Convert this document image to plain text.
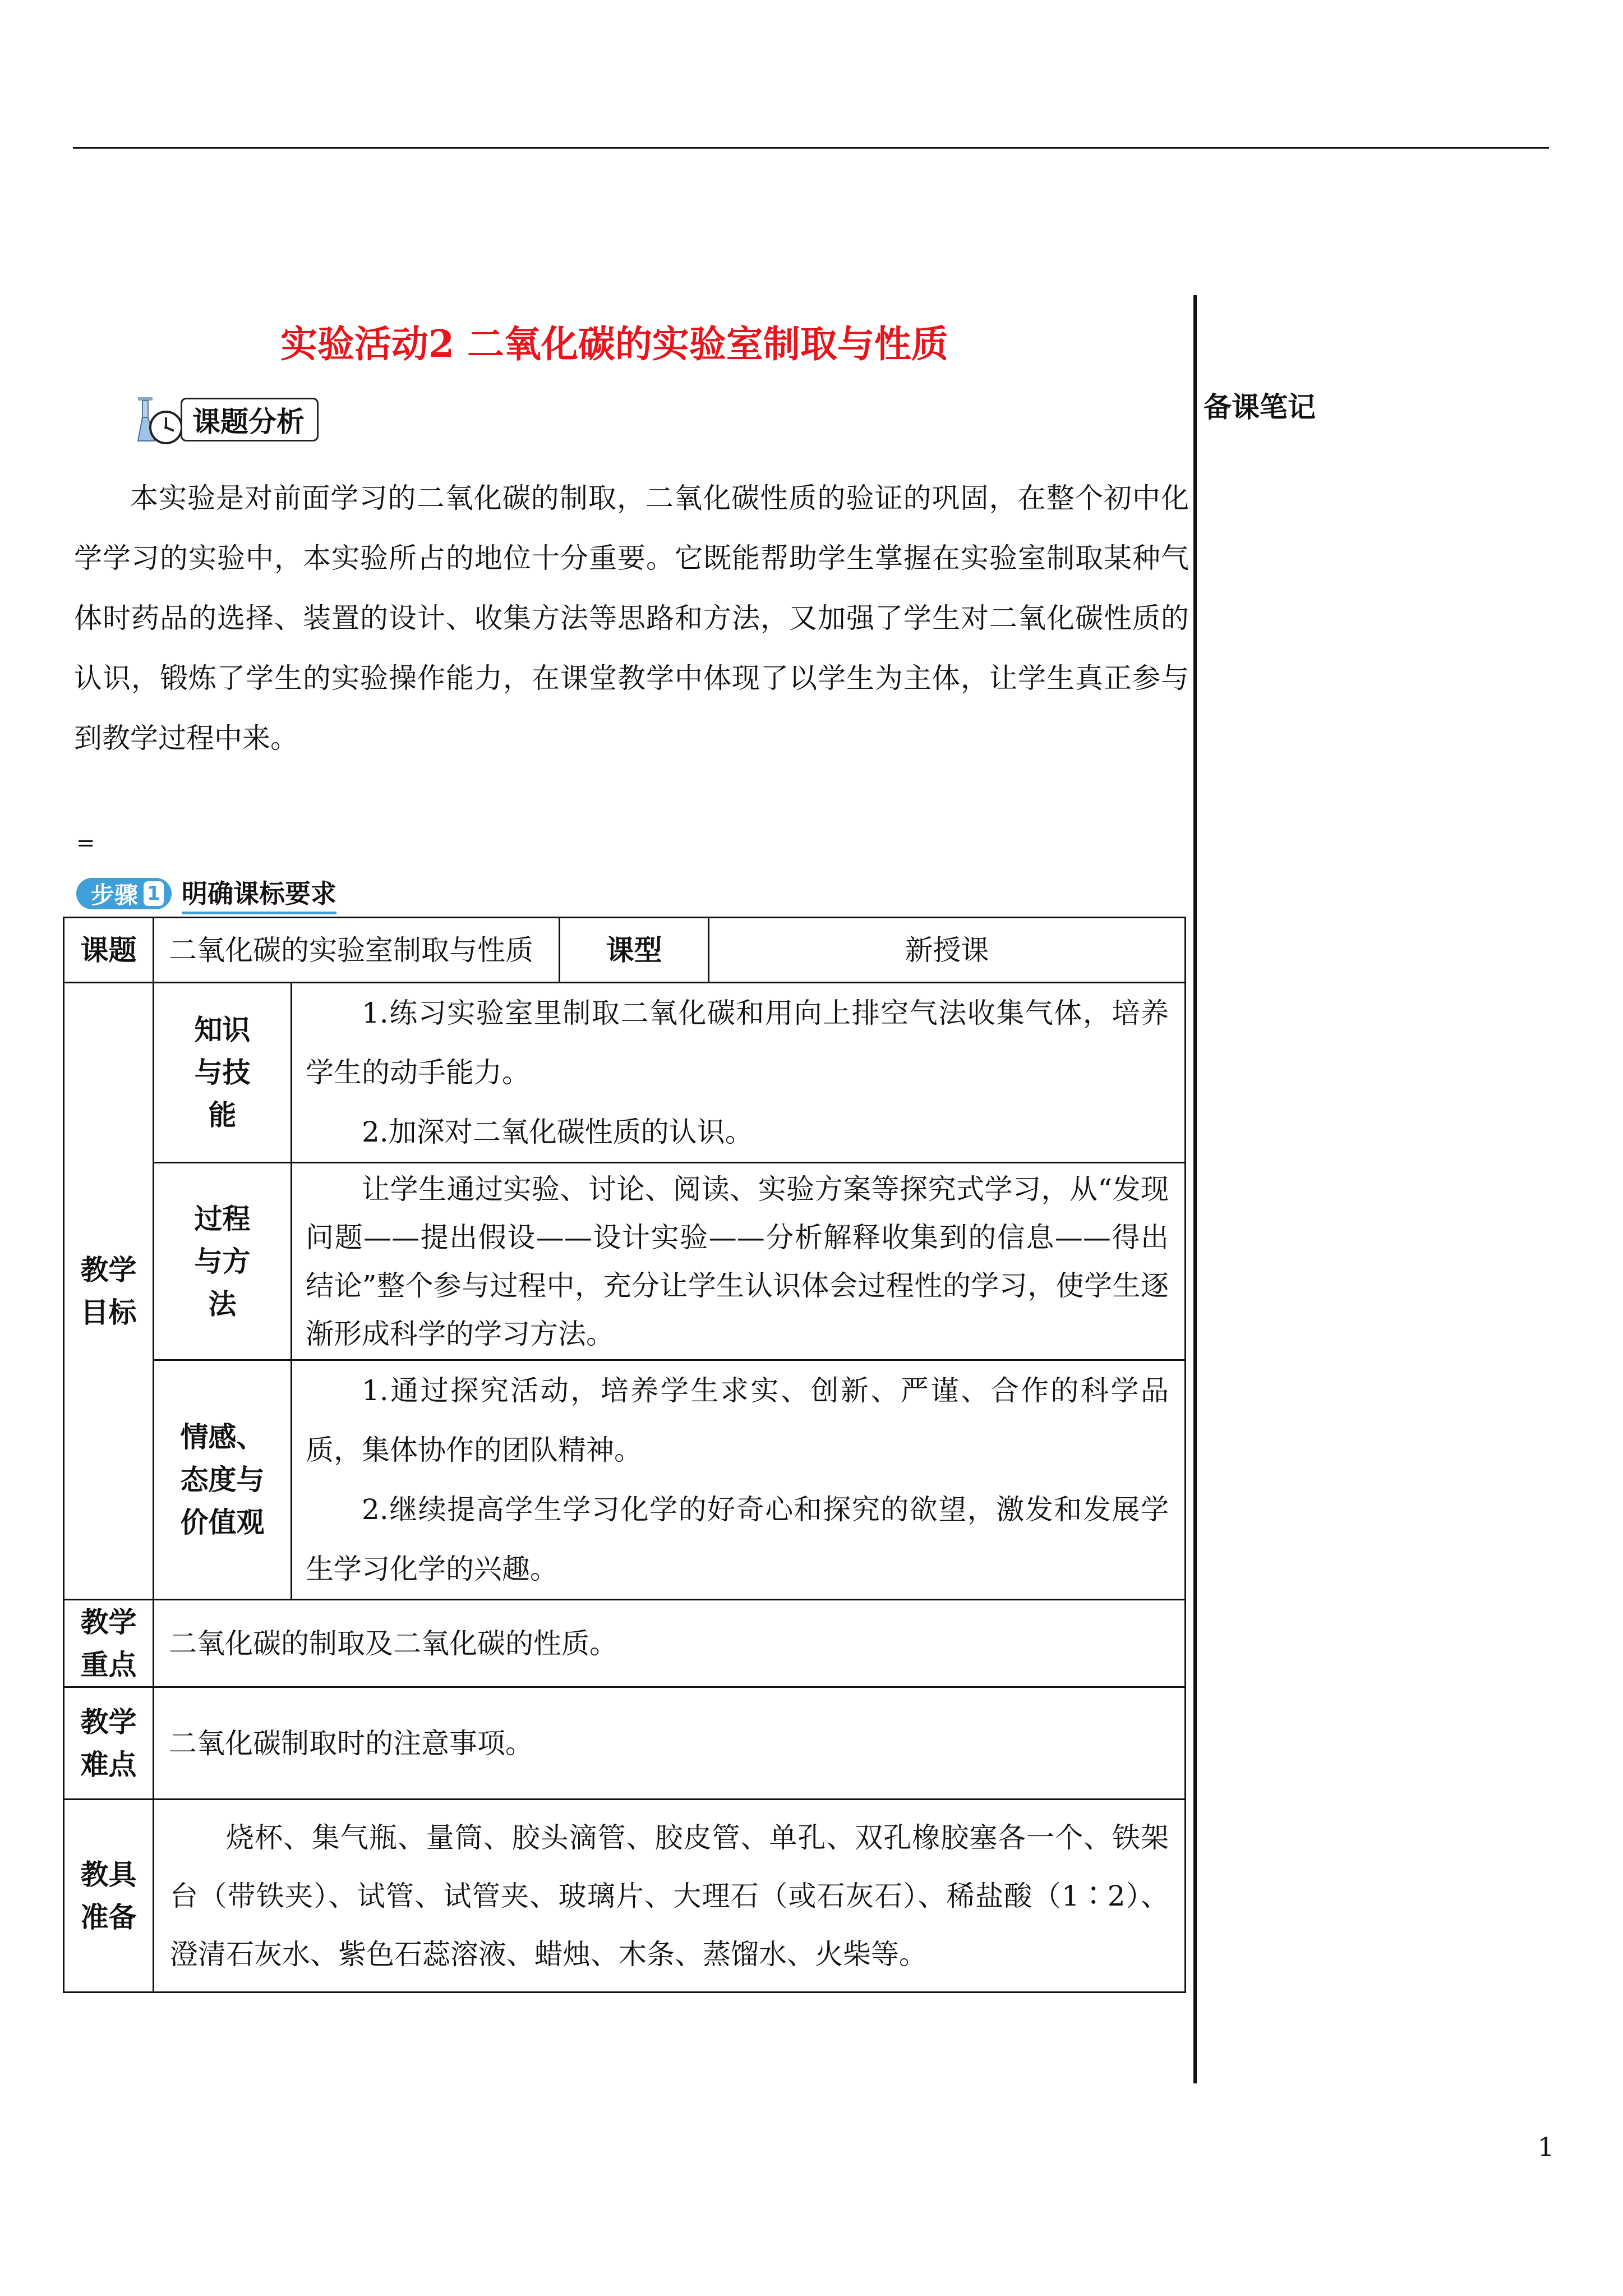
备课笔记
实验活动2 二氧化碳的实验室制取与性质
课题分析

本实验是对前面学习的二氧化碳的制取，二氧化碳性质的验证的巩固，在整个初中化学学习的实验中，本实验所占的地位十分重要。它既能帮助学生掌握在实验室制取某种气体时药品的选择、装置的设计、收集方法等思路和方法，又加强了学生对二氧化碳性质的认识，锻炼了学生的实验操作能力，在课堂教学中体现了以学生为主体，让学生真正参与到教学过程中来。

=
步骤 1 明确课标要求
课题	二氧化碳的实验室制取与性质		课型	新授课
教学目标	知识与技能	1.练习实验室里制取二氧化碳和用向上排空气法收集气体，培养学生的动手能力。

2.加深对二氧化碳性质的认识。		

	过程与方法	让学生通过实验、讨论、阅读、实验方案等探究式学习，从“发现问题——提出假设——设计实验——分析解释收集到的信息——得出结论”整个参与过程中，充分让学生认识体会过程性的学习，使学生逐渐形成科学的学习方法。		

	情感、态度与价值观	1.通过探究活动，培养学生求实、创新、严谨、合作的科学品质，集体协作的团队精神。

2.继续提高学生学习化学的好奇心和探究的欲望，激发和发展学生学习化学的兴趣。		

教学重点	二氧化碳的制取及二氧化碳的性质。			
教学难点	二氧化碳制取时的注意事项。			
教具准备	烧杯、集气瓶、量筒、胶头滴管、胶皮管、单孔、双孔橡胶塞各一个、铁架台（带铁夹）、试管、试管夹、玻璃片、大理石（或石灰石）、稀盐酸（1∶2）、澄清石灰水、紫色石蕊溶液、蜡烛、木条、蒸馏水、火柴等。			

1
